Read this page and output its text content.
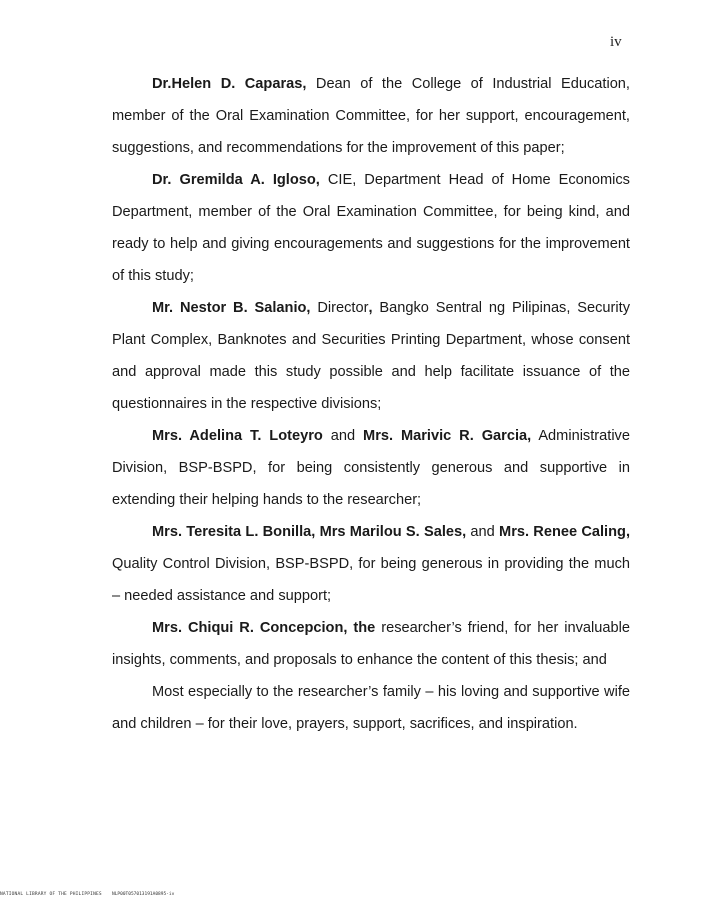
iv

Dr.Helen D. Caparas, Dean of the College of Industrial Education, member of the Oral Examination Committee, for her support, encouragement, suggestions, and recommendations for the improvement of this paper;

Dr. Gremilda A. Igloso, CIE, Department Head of Home Economics Department, member of the Oral Examination Committee, for being kind, and ready to help and giving encouragements and suggestions for the improvement of this study;

Mr. Nestor B. Salanio, Director, Bangko Sentral ng Pilipinas, Security Plant Complex, Banknotes and Securities Printing Department, whose consent and approval made this study possible and help facilitate issuance of the questionnaires in the respective divisions;

Mrs. Adelina T. Loteyro and Mrs. Marivic R. Garcia, Administrative Division, BSP-BSPD, for being consistently generous and supportive in extending their helping hands to the researcher;

Mrs. Teresita L. Bonilla, Mrs Marilou S. Sales, and Mrs. Renee Caling, Quality Control Division, BSP-BSPD, for being generous in providing the much – needed assistance and support;

Mrs. Chiqui R. Concepcion, the researcher’s friend, for her invaluable insights, comments, and proposals to enhance the content of this thesis; and

Most especially to the researcher’s family – his loving and supportive wife and children – for their love, prayers, support, sacrifices, and inspiration.

NATIONAL LIBRARY OF THE PHILIPPINES NLP00T057013191A0895-iv
